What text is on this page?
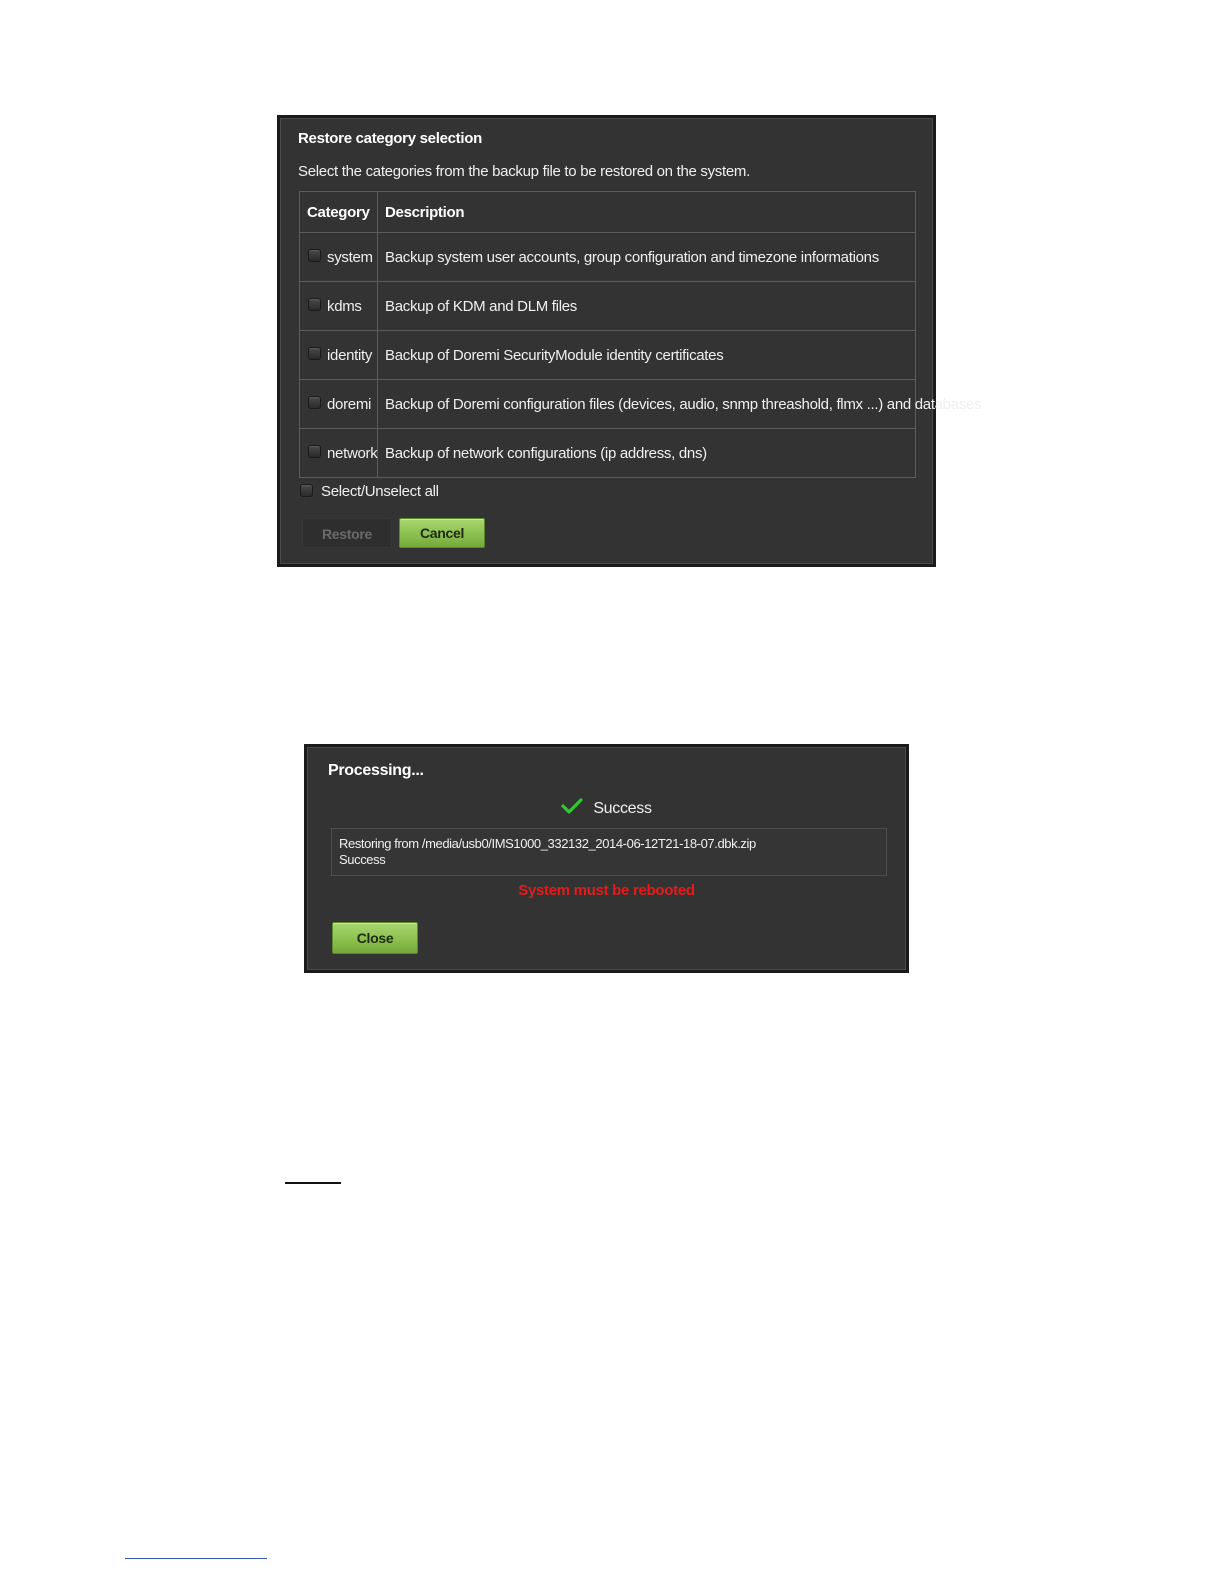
Restore category selection
Select the categories from the backup file to be restored on the system.
Category	Description
system	Backup system user accounts, group configuration and timezone informations
kdms	Backup of KDM and DLM files
identity	Backup of Doremi SecurityModule identity certificates
doremi	Backup of Doremi configuration files (devices, audio, snmp threashold, flmx ...) and databases
network	Backup of network configurations (ip address, dns)
Select/Unselect all
Restore	Cancel
Processing...
Success
Restoring from /media/usb0/IMS1000_332132_2014-06-12T21-18-07.dbk.zip
Success
System must be rebooted
Close
